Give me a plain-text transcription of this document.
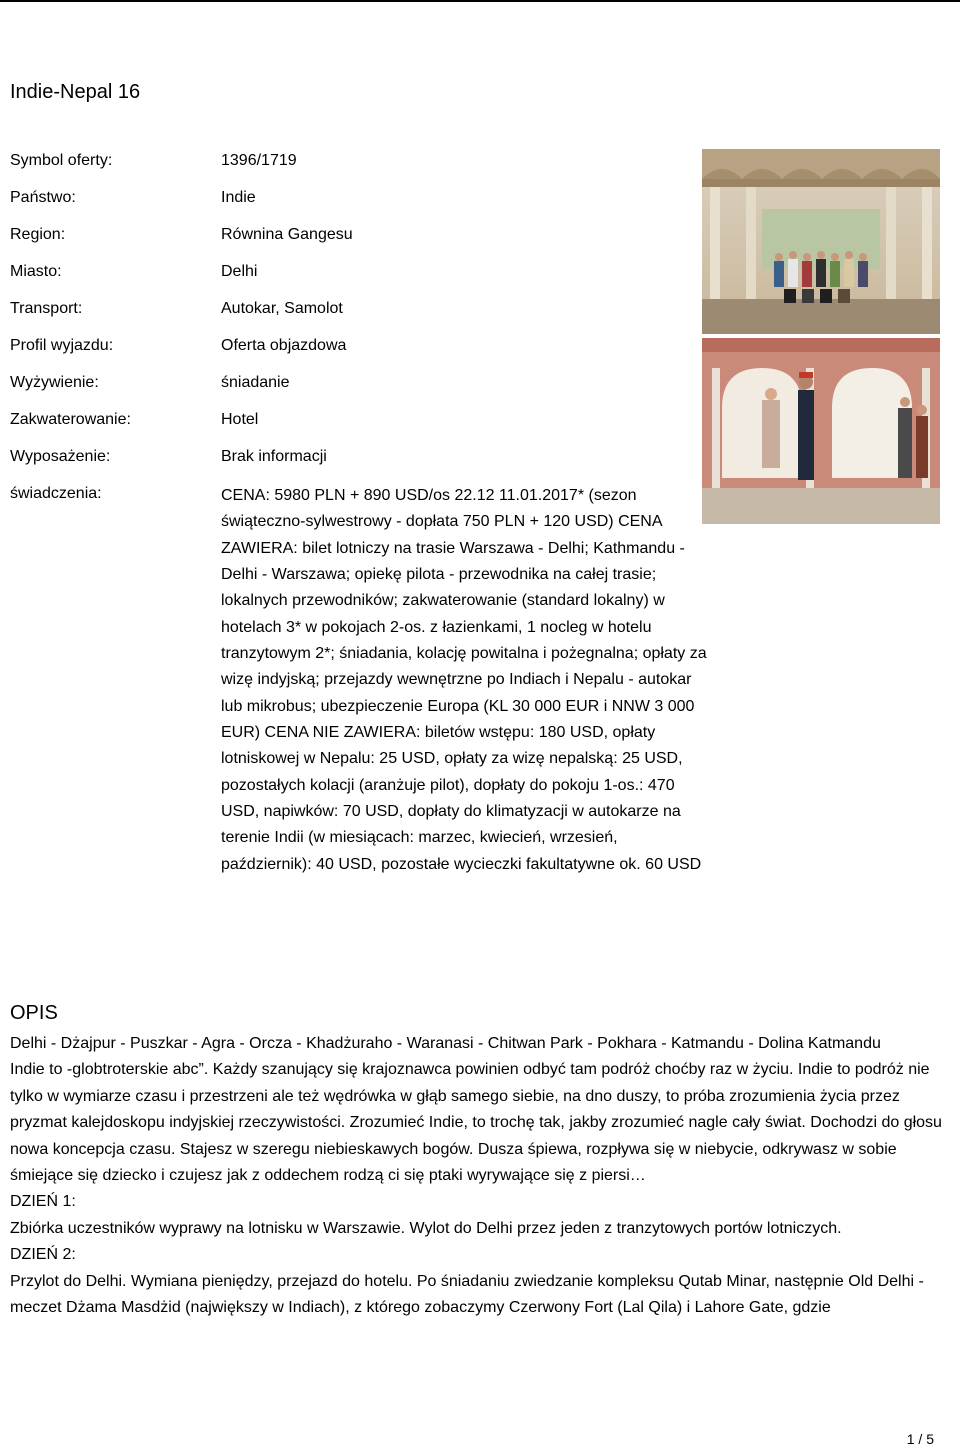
Indie-Nepal 16
Symbol oferty:	1396/1719
Państwo:	Indie
Region:	Równina Gangesu
Miasto:	Delhi
Transport:	Autokar, Samolot
Profil wyjazdu:	Oferta objazdowa
Wyżywienie:	śniadanie
Zakwaterowanie:	Hotel
Wyposażenie:	Brak informacji
świadczenia:	CENA: 5980 PLN + 890 USD/os 22.12 11.01.2017* (sezon świąteczno-sylwestrowy - dopłata 750 PLN + 120 USD) CENA ZAWIERA: bilet lotniczy na trasie Warszawa - Delhi; Kathmandu - Delhi - Warszawa; opiekę pilota - przewodnika na całej trasie; lokalnych przewodników; zakwaterowanie (standard lokalny) w hotelach 3* w pokojach 2-os. z łazienkami, 1 nocleg w hotelu tranzytowym 2*; śniadania, kolację powitalna i pożegnalna; opłaty za wizę indyjską; przejazdy wewnętrzne po Indiach i Nepalu - autokar lub mikrobus; ubezpieczenie Europa (KL 30 000 EUR i NNW 3 000 EUR) CENA NIE ZAWIERA: biletów wstępu: 180 USD, opłaty lotniskowej w Nepalu: 25 USD, opłaty za wizę nepalską: 25 USD, pozostałych kolacji (aranżuje pilot), dopłaty do pokoju 1-os.: 470 USD, napiwków: 70 USD, dopłaty do klimatyzacji w autokarze na terenie Indii (w miesiącach: marzec, kwiecień, wrzesień, październik): 40 USD, pozostałe wycieczki fakultatywne ok. 60 USD
OPIS

Delhi - Dżajpur - Puszkar - Agra - Orcza - Khadżuraho - Waranasi - Chitwan Park - Pokhara - Katmandu - Dolina Katmandu

Indie to -globtroterskie abc”. Każdy szanujący się krajoznawca powinien odbyć tam podróż choćby raz w życiu. Indie to podróż nie tylko w wymiarze czasu i przestrzeni ale też wędrówka w głąb samego siebie, na dno duszy, to próba zrozumienia życia przez pryzmat kalejdoskopu indyjskiej rzeczywistości. Zrozumieć Indie, to trochę tak, jakby zrozumieć nagle cały świat. Dochodzi do głosu nowa koncepcja czasu. Stajesz w szeregu niebieskawych bogów. Dusza śpiewa, rozpływa się w niebycie, odkrywasz w sobie śmiejące się dziecko i czujesz jak z oddechem rodzą ci się ptaki wyrywające się z piersi…

DZIEŃ 1:

Zbiórka uczestników wyprawy na lotnisku w Warszawie. Wylot do Delhi przez jeden z tranzytowych portów lotniczych.

DZIEŃ 2:

Przylot do Delhi. Wymiana pieniędzy, przejazd do hotelu. Po śniadaniu zwiedzanie kompleksu Qutab Minar, następnie Old Delhi - meczet Dżama Masdżid (największy w Indiach), z którego zobaczymy Czerwony Fort (Lal Qila) i Lahore Gate, gdzie

1 / 5
